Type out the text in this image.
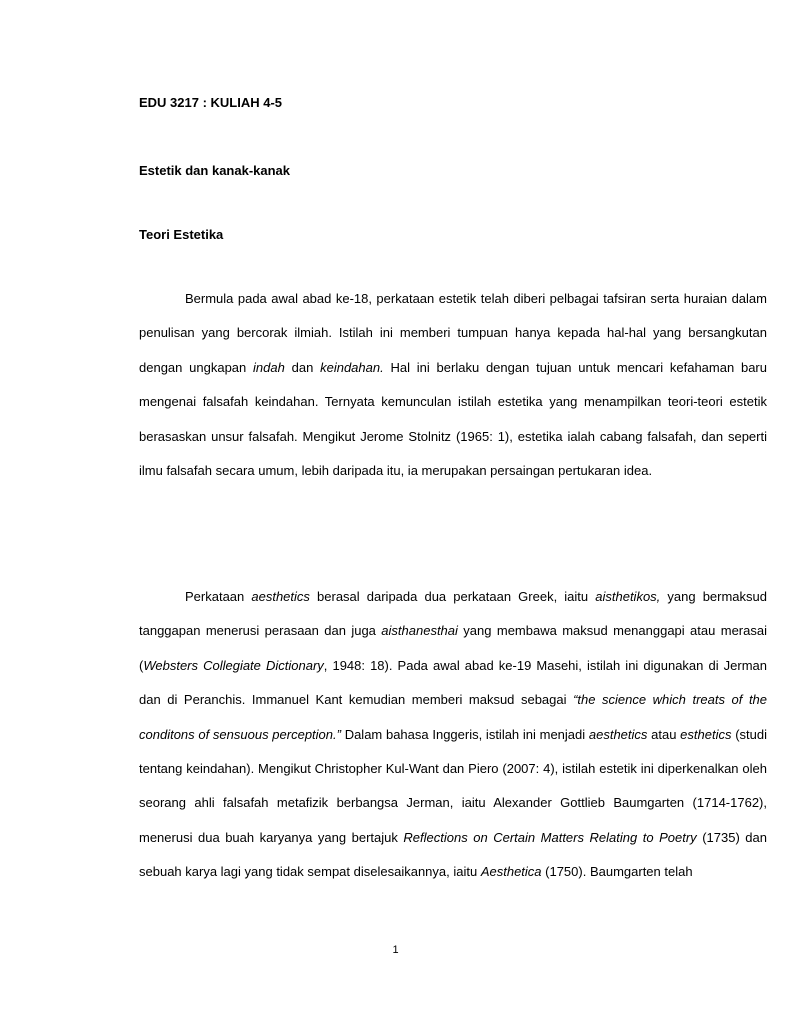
EDU 3217 : KULIAH 4-5
Estetik dan kanak-kanak
Teori Estetika

Bermula pada awal abad ke-18, perkataan estetik telah diberi pelbagai tafsiran serta huraian dalam penulisan yang bercorak ilmiah. Istilah ini memberi tumpuan hanya kepada hal-hal yang bersangkutan dengan ungkapan indah dan keindahan. Hal ini berlaku dengan tujuan untuk mencari kefahaman baru mengenai falsafah keindahan. Ternyata kemunculan istilah estetika yang menampilkan teori-teori estetik berasaskan unsur falsafah. Mengikut Jerome Stolnitz (1965: 1), estetika ialah cabang falsafah, dan seperti ilmu falsafah secara umum, lebih daripada itu, ia merupakan persaingan pertukaran idea.

Perkataan aesthetics berasal daripada dua perkataan Greek, iaitu aisthetikos, yang bermaksud tanggapan menerusi perasaan dan juga aisthanesthai yang membawa maksud menanggapi atau merasai (Websters Collegiate Dictionary, 1948: 18). Pada awal abad ke-19 Masehi, istilah ini digunakan di Jerman dan di Peranchis. Immanuel Kant kemudian memberi maksud sebagai “the science which treats of the conditons of sensuous perception.” Dalam bahasa Inggeris, istilah ini menjadi aesthetics atau esthetics (studi tentang keindahan). Mengikut Christopher Kul-Want dan Piero (2007: 4), istilah estetik ini diperkenalkan oleh seorang ahli falsafah metafizik berbangsa Jerman, iaitu Alexander Gottlieb Baumgarten (1714-1762), menerusi dua buah karyanya yang bertajuk Reflections on Certain Matters Relating to Poetry (1735) dan sebuah karya lagi yang tidak sempat diselesaikannya, iaitu Aesthetica (1750). Baumgarten telah

1
